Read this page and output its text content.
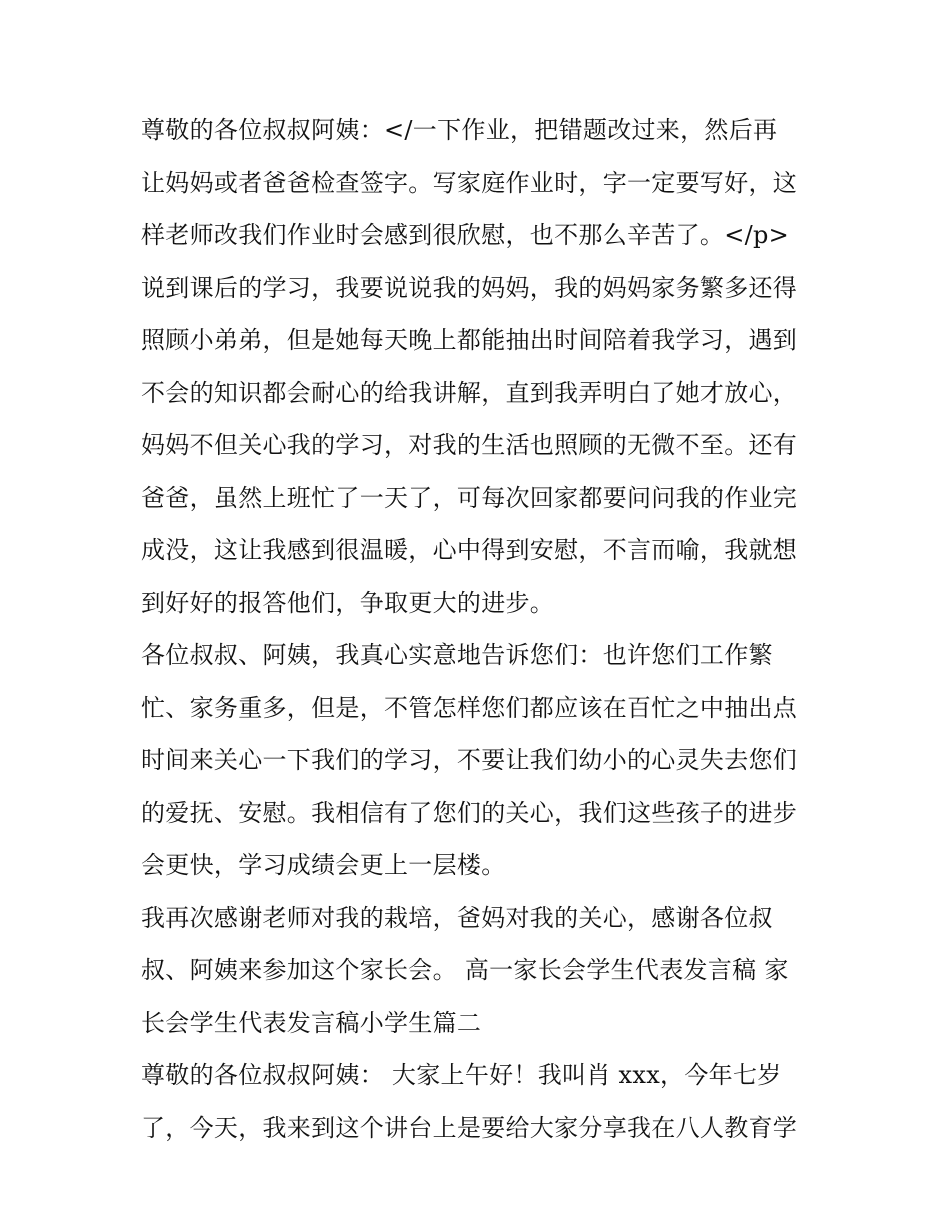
尊敬的各位叔叔阿姨：</一下作业，把错题改过来，然后再
让妈妈或者爸爸检查签字。写家庭作业时，字一定要写好，这
样老师改我们作业时会感到很欣慰，也不那么辛苦了。</p>
说到课后的学习，我要说说我的妈妈，我的妈妈家务繁多还得
照顾小弟弟，但是她每天晚上都能抽出时间陪着我学习，遇到
不会的知识都会耐心的给我讲解，直到我弄明白了她才放心，
妈妈不但关心我的学习，对我的生活也照顾的无微不至。还有
爸爸，虽然上班忙了一天了，可每次回家都要问问我的作业完
成没，这让我感到很温暖，心中得到安慰，不言而喻，我就想
到好好的报答他们，争取更大的进步。
各位叔叔、阿姨，我真心实意地告诉您们：也许您们工作繁
忙、家务重多，但是，不管怎样您们都应该在百忙之中抽出点
时间来关心一下我们的学习，不要让我们幼小的心灵失去您们
的爱抚、安慰。我相信有了您们的关心，我们这些孩子的进步
会更快，学习成绩会更上一层楼。
我再次感谢老师对我的栽培，爸妈对我的关心，感谢各位叔
叔、阿姨来参加这个家长会。 高一家长会学生代表发言稿 家
长会学生代表发言稿小学生篇二
尊敬的各位叔叔阿姨： 大家上午好！我叫肖 xxx，今年七岁
了，今天，我来到这个讲台上是要给大家分享我在八人教育学
